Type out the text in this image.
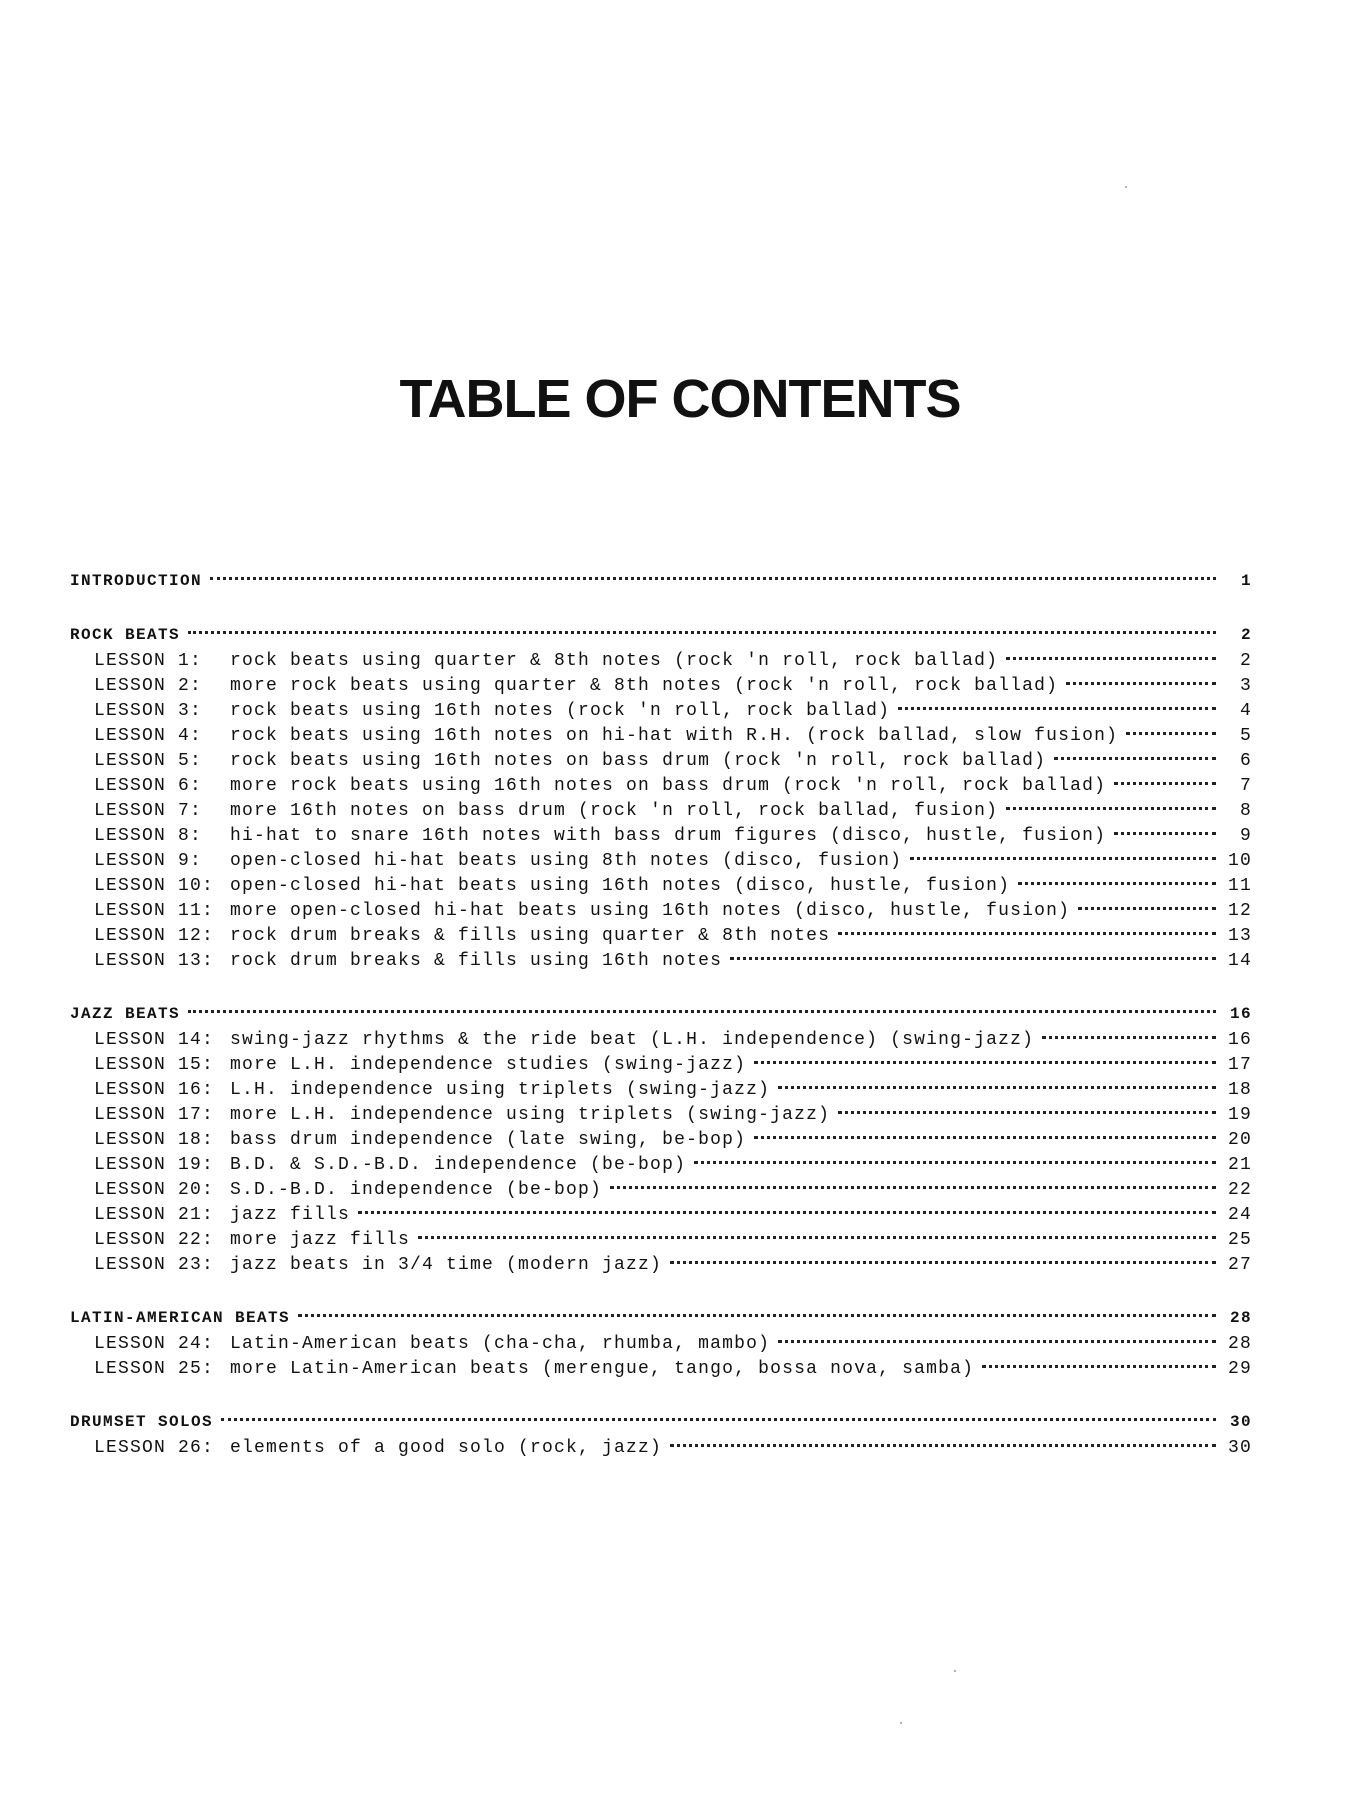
TABLE OF CONTENTS
INTRODUCTION	1
ROCK BEATS	2
LESSON 1: rock beats using quarter & 8th notes (rock 'n roll, rock ballad)	2
LESSON 2: more rock beats using quarter & 8th notes (rock 'n roll, rock ballad)	3
LESSON 3: rock beats using 16th notes (rock 'n roll, rock ballad)	4
LESSON 4: rock beats using 16th notes on hi-hat with R.H. (rock ballad, slow fusion)	5
LESSON 5: rock beats using 16th notes on bass drum (rock 'n roll, rock ballad)	6
LESSON 6: more rock beats using 16th notes on bass drum (rock 'n roll, rock ballad)	7
LESSON 7: more 16th notes on bass drum (rock 'n roll, rock ballad, fusion)	8
LESSON 8: hi-hat to snare 16th notes with bass drum figures (disco, hustle, fusion)	9
LESSON 9: open-closed hi-hat beats using 8th notes (disco, fusion)	10
LESSON 10: open-closed hi-hat beats using 16th notes (disco, hustle, fusion)	11
LESSON 11: more open-closed hi-hat beats using 16th notes (disco, hustle, fusion)	12
LESSON 12: rock drum breaks & fills using quarter & 8th notes	13
LESSON 13: rock drum breaks & fills using 16th notes	14
JAZZ BEATS	16
LESSON 14: swing-jazz rhythms & the ride beat (L.H. independence) (swing-jazz)	16
LESSON 15: more L.H. independence studies (swing-jazz)	17
LESSON 16: L.H. independence using triplets (swing-jazz)	18
LESSON 17: more L.H. independence using triplets (swing-jazz)	19
LESSON 18: bass drum independence (late swing, be-bop)	20
LESSON 19: B.D. & S.D.-B.D. independence (be-bop)	21
LESSON 20: S.D.-B.D. independence (be-bop)	22
LESSON 21: jazz fills	24
LESSON 22: more jazz fills	25
LESSON 23: jazz beats in 3/4 time (modern jazz)	27
LATIN-AMERICAN BEATS	28
LESSON 24: Latin-American beats (cha-cha, rhumba, mambo)	28
LESSON 25: more Latin-American beats (merengue, tango, bossa nova, samba)	29
DRUMSET SOLOS	30
LESSON 26: elements of a good solo (rock, jazz)	30
